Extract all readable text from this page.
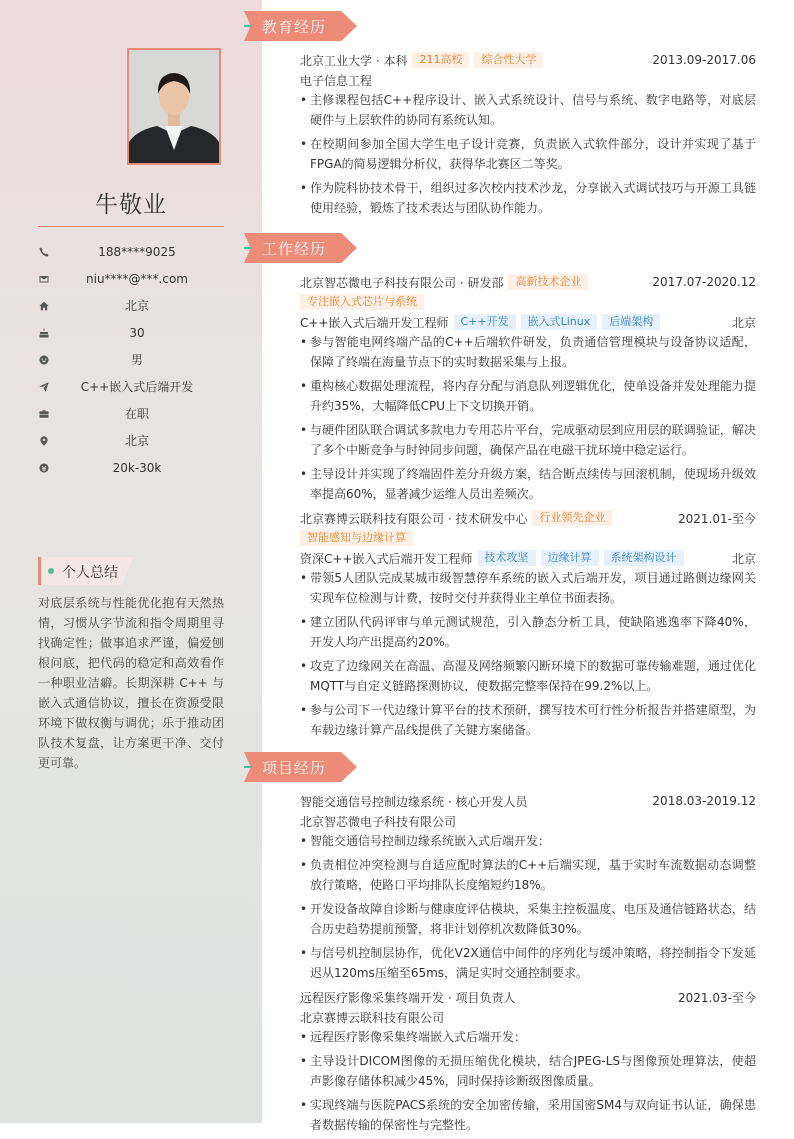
牛敬业
188****9025
niu****@***.com
北京
30
男
C++嵌入式后端开发
在职
北京
20k-30k
个人总结
对底层系统与性能优化抱有天然热情，习惯从字节流和指令周期里寻找确定性；做事追求严谨，偏爱刨根问底，把代码的稳定和高效看作一种职业洁癖。长期深耕 C++ 与嵌入式通信协议，擅长在资源受限环境下做权衡与调优；乐于推动团队技术复盘，让方案更干净、交付更可靠。
教育经历
北京工业大学 · 本科	211高校	综合性大学	2013.09-2017.06
电子信息工程
• 主修课程包括C++程序设计、嵌入式系统设计、信号与系统、数字电路等，对底层硬件与上层软件的协同有系统认知。
• 在校期间参加全国大学生电子设计竞赛，负责嵌入式软件部分，设计并实现了基于FPGA的简易逻辑分析仪，获得华北赛区二等奖。
• 作为院科协技术骨干，组织过多次校内技术沙龙，分享嵌入式调试技巧与开源工具链使用经验，锻炼了技术表达与团队协作能力。
工作经历
北京智芯微电子科技有限公司 · 研发部	高新技术企业	2017.07-2020.12
专注嵌入式芯片与系统
C++嵌入式后端开发工程师	C++开发	嵌入式Linux	后端架构	北京
• 参与智能电网终端产品的C++后端软件研发，负责通信管理模块与设备协议适配，保障了终端在海量节点下的实时数据采集与上报。
• 重构核心数据处理流程，将内存分配与消息队列逻辑优化，使单设备并发处理能力提升约35%，大幅降低CPU上下文切换开销。
• 与硬件团队联合调试多款电力专用芯片平台，完成驱动层到应用层的联调验证，解决了多个中断竞争与时钟同步问题，确保产品在电磁干扰环境中稳定运行。
• 主导设计并实现了终端固件差分升级方案，结合断点续传与回滚机制，使现场升级效率提高60%，显著减少运维人员出差频次。
北京赛博云联科技有限公司 · 技术研发中心	行业领先企业	2021.01-至今
智能感知与边缘计算
资深C++嵌入式后端开发工程师	技术攻坚	边缘计算	系统架构设计	北京
• 带领5人团队完成某城市级智慧停车系统的嵌入式后端开发，项目通过路侧边缘网关实现车位检测与计费，按时交付并获得业主单位书面表扬。
• 建立团队代码评审与单元测试规范，引入静态分析工具，使缺陷逃逸率下降40%，开发人均产出提高约20%。
• 攻克了边缘网关在高温、高湿及网络频繁闪断环境下的数据可靠传输难题，通过优化MQTT与自定义链路探测协议，使数据完整率保持在99.2%以上。
• 参与公司下一代边缘计算平台的技术预研，撰写技术可行性分析报告并搭建原型，为车载边缘计算产品线提供了关键方案储备。
项目经历
智能交通信号控制边缘系统 · 核心开发人员	2018.03-2019.12
北京智芯微电子科技有限公司
• 智能交通信号控制边缘系统嵌入式后端开发：
• 负责相位冲突检测与自适应配时算法的C++后端实现，基于实时车流数据动态调整放行策略，使路口平均排队长度缩短约18%。
• 开发设备故障自诊断与健康度评估模块，采集主控板温度、电压及通信链路状态，结合历史趋势提前预警，将非计划停机次数降低30%。
• 与信号机控制层协作，优化V2X通信中间件的序列化与缓冲策略，将控制指令下发延迟从120ms压缩至65ms，满足实时交通控制要求。
远程医疗影像采集终端开发 · 项目负责人	2021.03-至今
北京赛博云联科技有限公司
• 远程医疗影像采集终端嵌入式后端开发：
• 主导设计DICOM图像的无损压缩优化模块，结合JPEG-LS与图像预处理算法，使超声影像存储体积减少45%，同时保持诊断级图像质量。
• 实现终端与医院PACS系统的安全加密传输，采用国密SM4与双向证书认证，确保患者数据传输的保密性与完整性。
